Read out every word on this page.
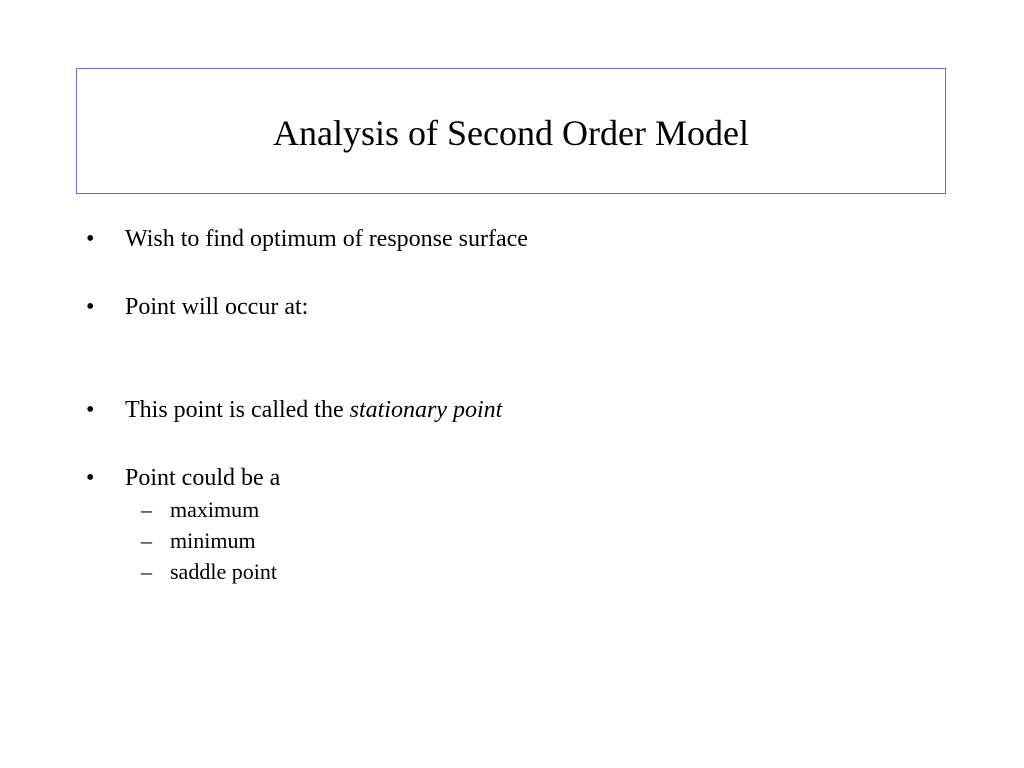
Analysis of Second Order Model
• Wish to find optimum of response surface
• Point will occur at:
• This point is called the stationary point
• Point could be a
– maximum
– minimum
– saddle point
